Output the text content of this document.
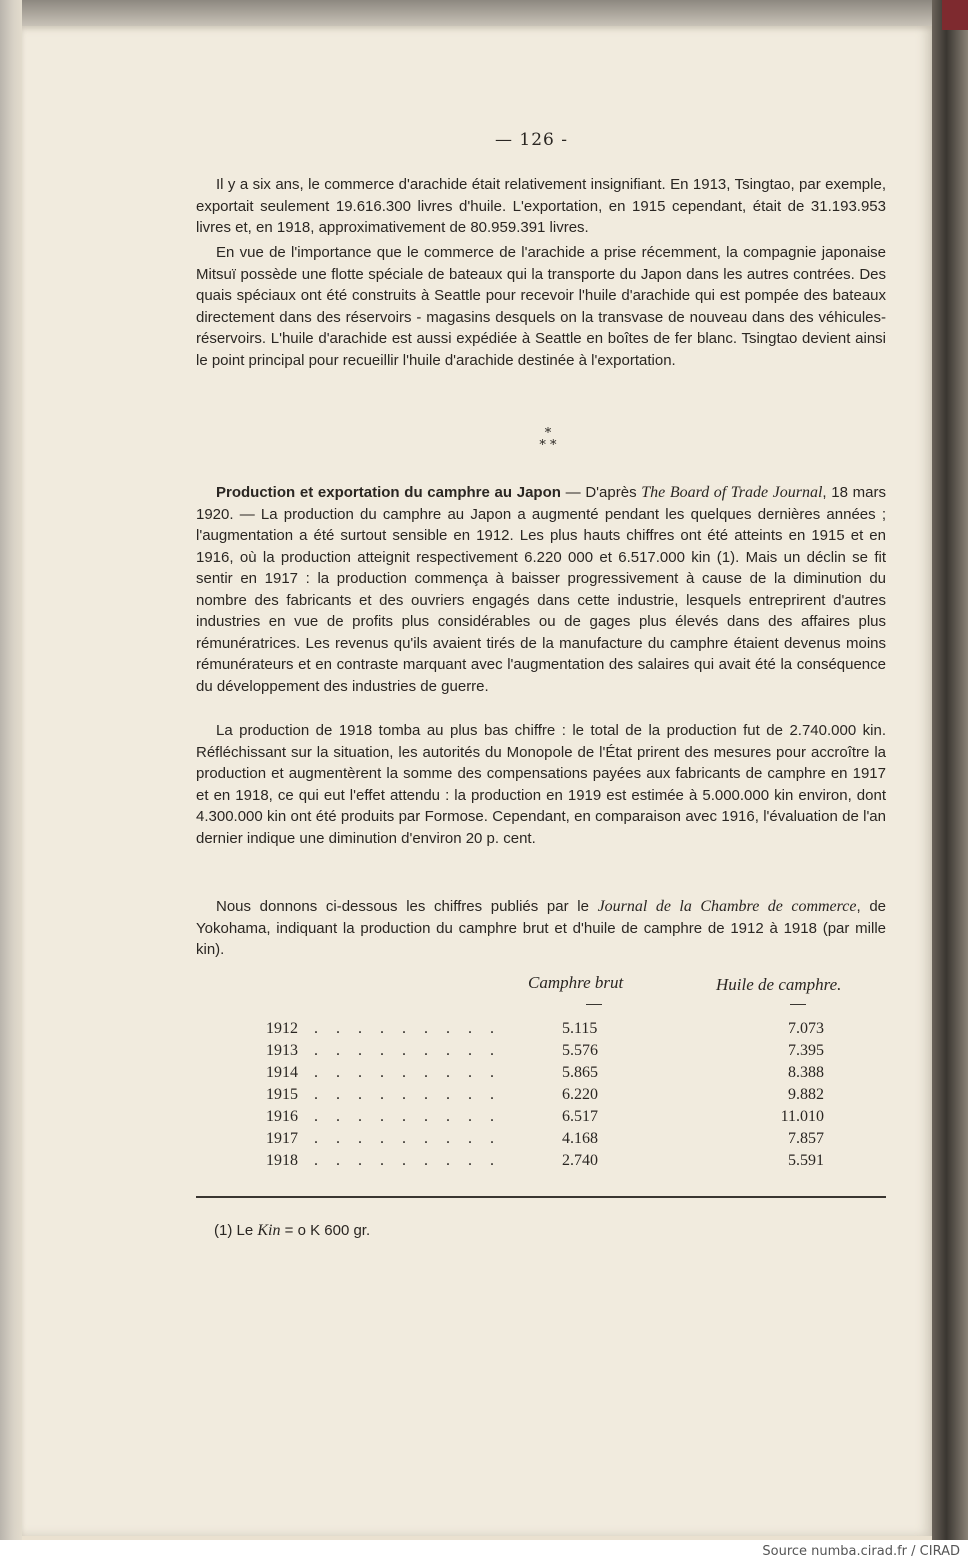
— 126 -

Il y a six ans, le commerce d'arachide était relativement insignifiant. En 1913, Tsingtao, par exemple, exportait seulement 19.616.300 livres d'huile. L'exportation, en 1915 cependant, était de 31.193.953 livres et, en 1918, approximativement de 80.959.391 livres.

En vue de l'importance que le commerce de l'arachide a prise récemment, la compagnie japonaise Mitsuï possède une flotte spéciale de bateaux qui la transporte du Japon dans les autres contrées. Des quais spéciaux ont été construits à Seattle pour recevoir l'huile d'arachide qui est pompée des bateaux directement dans des réservoirs - magasins desquels on la transvase de nouveau dans des véhicules-réservoirs. L'huile d'arachide est aussi expédiée à Seattle en boîtes de fer blanc. Tsingtao devient ainsi le point principal pour recueillir l'huile d'arachide destinée à l'exportation.

Production et exportation du camphre au Japon — D'après The Board of Trade Journal, 18 mars 1920. — La production du camphre au Japon a augmenté pendant les quelques dernières années ; l'augmentation a été surtout sensible en 1912. Les plus hauts chiffres ont été atteints en 1915 et en 1916, où la production atteignit respectivement 6.220 000 et 6.517.000 kin (1). Mais un déclin se fit sentir en 1917 : la production commença à baisser progressivement à cause de la diminution du nombre des fabricants et des ouvriers engagés dans cette industrie, lesquels entreprirent d'autres industries en vue de profits plus considérables ou de gages plus élevés dans des affaires plus rémunératrices. Les revenus qu'ils avaient tirés de la manufacture du camphre étaient devenus moins rémunérateurs et en contraste marquant avec l'augmentation des salaires qui avait été la conséquence du développement des industries de guerre.

La production de 1918 tomba au plus bas chiffre : le total de la production fut de 2.740.000 kin. Réfléchissant sur la situation, les autorités du Monopole de l'État prirent des mesures pour accroître la production et augmentèrent la somme des compensations payées aux fabricants de camphre en 1917 et en 1918, ce qui eut l'effet attendu : la production en 1919 est estimée à 5.000.000 kin environ, dont 4.300.000 kin ont été produits par Formose. Cependant, en comparaison avec 1916, l'évaluation de l'an dernier indique une diminution d'environ 20 p. cent.

Nous donnons ci-dessous les chiffres publiés par le Journal de la Chambre de commerce, de Yokohama, indiquant la production du camphre brut et d'huile de camphre de 1912 à 1918 (par mille kin).

*
* *
Camphre brut	Huile de camphre.
1912 . . . . . . . . .	5.115	7.073
1913 . . . . . . . . .	5.576	7.395
1914 . . . . . . . . .	5.865	8.388
1915 . . . . . . . . .	6.220	9.882
1916 . . . . . . . . .	6.517	11.010
1917 . . . . . . . . .	4.168	7.857
1918 . . . . . . . . .	2.740	5.591
(1) Le Kin = o K 600 gr.
Source numba.cirad.fr / CIRAD
